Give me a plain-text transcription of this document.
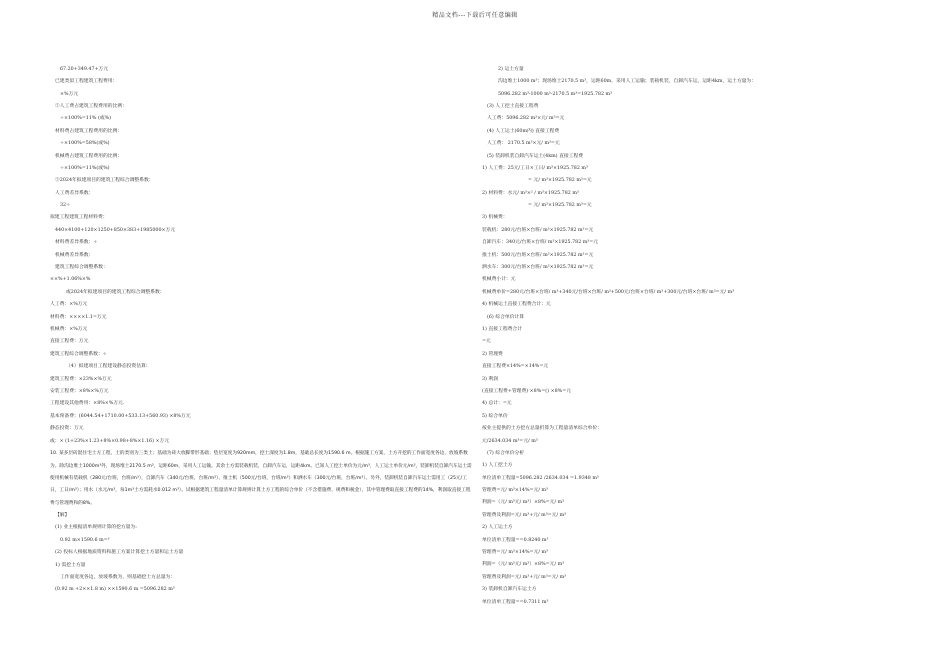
精品文档---下载后可任意编辑
67.20+349.47+万元
已建类似工程建筑工程费用：
×%万元
②人工费占建筑工程费用的比例：
÷×100%=11% (或%)
材料费占建筑工程费用的比例：
÷×100%=58%(或%)
机械费占建筑工程费用的比例：
÷×100%=11%(或%)
③2024年拟建项目的建筑工程综合调整系数：
人工费差异系数：
32÷
拟建工程建筑工程材料费：
440×4100+120×1250+850×383+1985000×万元
材料费差异系数：÷
机械费差异系数：
建筑工程综合调整系数：
××%+1.06%×%
或2024年拟建项目的建筑工程综合调整系数：
人工费：×%万元
材料费：××××1.1=万元
机械费：×%万元
直接工程费：万元
建筑工程综合调整系数：÷
（4）拟建项目工程建设静态投资估算：
建筑工程费：×23%×%万元
安装工程费：×8%×%万元
工程建设其他费用：×8%×%万元.
基本预备费：(6044.54+1710.00+533.13+560.93) ×8%万元
静态投资：万元
或：× (1+23%×1.23+8%×0.98+8%×1.16) ×万元
10. 某多层砖混住宅土方工程，土的类别为三类土；基础为砖大放脚带形基础；垫层宽度为920mm，挖土深度为1.8m，基础总长度为1590.6 m。根据施工方案，土方开挖的工作面宽度各边，放坡系数为。除沟边堆土1000m³外，现场堆土2170.5 m³，运距60m，采用人工运输。其余土方需装载机装，自卸汽车运，运距4km。已知人工挖土单价为元/m³，人工运土单价元/m³，装卸机装自卸汽车运土需使用机械有装载机（280元/台班，台班/m³），自卸汽车（340元/台班，台班/m³）、推土机（500元/台班，台班/m³）和洒水车（300元/台班，台班/m³）。另外，装卸机装自卸汽车运土需用工（25元/工日，工日/m³）；用水（水元/m³，每1m³土方需耗水0.012 m³）。试根据建筑工程量清单计算规则计算土方工程的综合单价（不含措施费、规费和税金），其中管理费取直接工程费的14%，利润取直接工程费与管理费和的8%。
【解】
(1) 业主根据清单规则计算的挖方量为:
0.92 m×1590.6 m=³
(2) 投标人根据地质资料和施工方案计算挖土方量和运土方量
1) 需挖土方量
工作面宽度各边，放坡系数为，则基础挖土方总量为：
(0.92 m +2××1.8 m) ××1590.6 m =5096.282 m³
2) 运土方量
沟边堆土1000 m³；现场堆土2170.5 m³，运距60m，采用人工运输；装载机装，自卸汽车运，运距4km，运土方量为：
5096.282 m³-1000 m³-2170.5 m³=1925.782 m³
(3) 人工挖土直接工程费
人工费：5096.282 m³×元/ m³=元
(4) 人工运土(60m内) 直接工程费
人工费： 2170.5 m³×元/ m³=元
(5) 装卸机装自卸汽车运土(4km) 直接工程费
1) 人工费：25元/工日×工日/ m³×1925.782 m³
= 元/ m³×1925.782 m³=元
2) 材料费：水元/ m³×² / m³×1925.782 m³
= 元/ m³×1925.782 m³=元
3) 机械费：
装载机：280元/台班×台班/ m³×1925.782 m³=元
自卸汽车：340元/台班×台班/ m³×1925.782 m³=元
推土机：500元/台班×台班/ m³×1925.782 m³=元
洒水车：300元/台班×台班/ m³×1925.782 m³=元
机械费小计：元
机械费单价=280元/台班×台班/ m³+340元/台班×台班/ m³+500元/台班×台班/ m³+300元/台班×台班/ m³=元/ m³
4) 机械运土直接工程费合计：元
(6) 综合单价计算
1) 直接工程费合计
=元
2) 管理费
直接工程费×14%=×14%=元
3) 利润
(直接工程费+管理费) ×8%=() ×8%=元
4) 总计：=元
5) 综合单价
按业主提供的土方挖方总量折算为工程量清单综合单价：
元/2634.034 m³=元/ m³
(7) 综合单价分析
1) 人工挖土方
单位清单工程量=5096.282 /2634.034 =1.9348 m³
管理费=元/ m³×14%=元/ m³
利润=（元/ m³元/ m³）×8%=元/ m³
管理费及利润=元/ m³+元/ m³=元/ m³
2) 人工运土方
单位清单工程量==0.8240 m³
管理费=元/ m³×14%=元/ m³
利润=（元/ m³元/ m³）×8%=元/ m³
管理费及利润=元/ m³+元/ m³=元/ m³
3) 装卸机自卸汽车运土方
单位清单工程量==0.7311 m³
